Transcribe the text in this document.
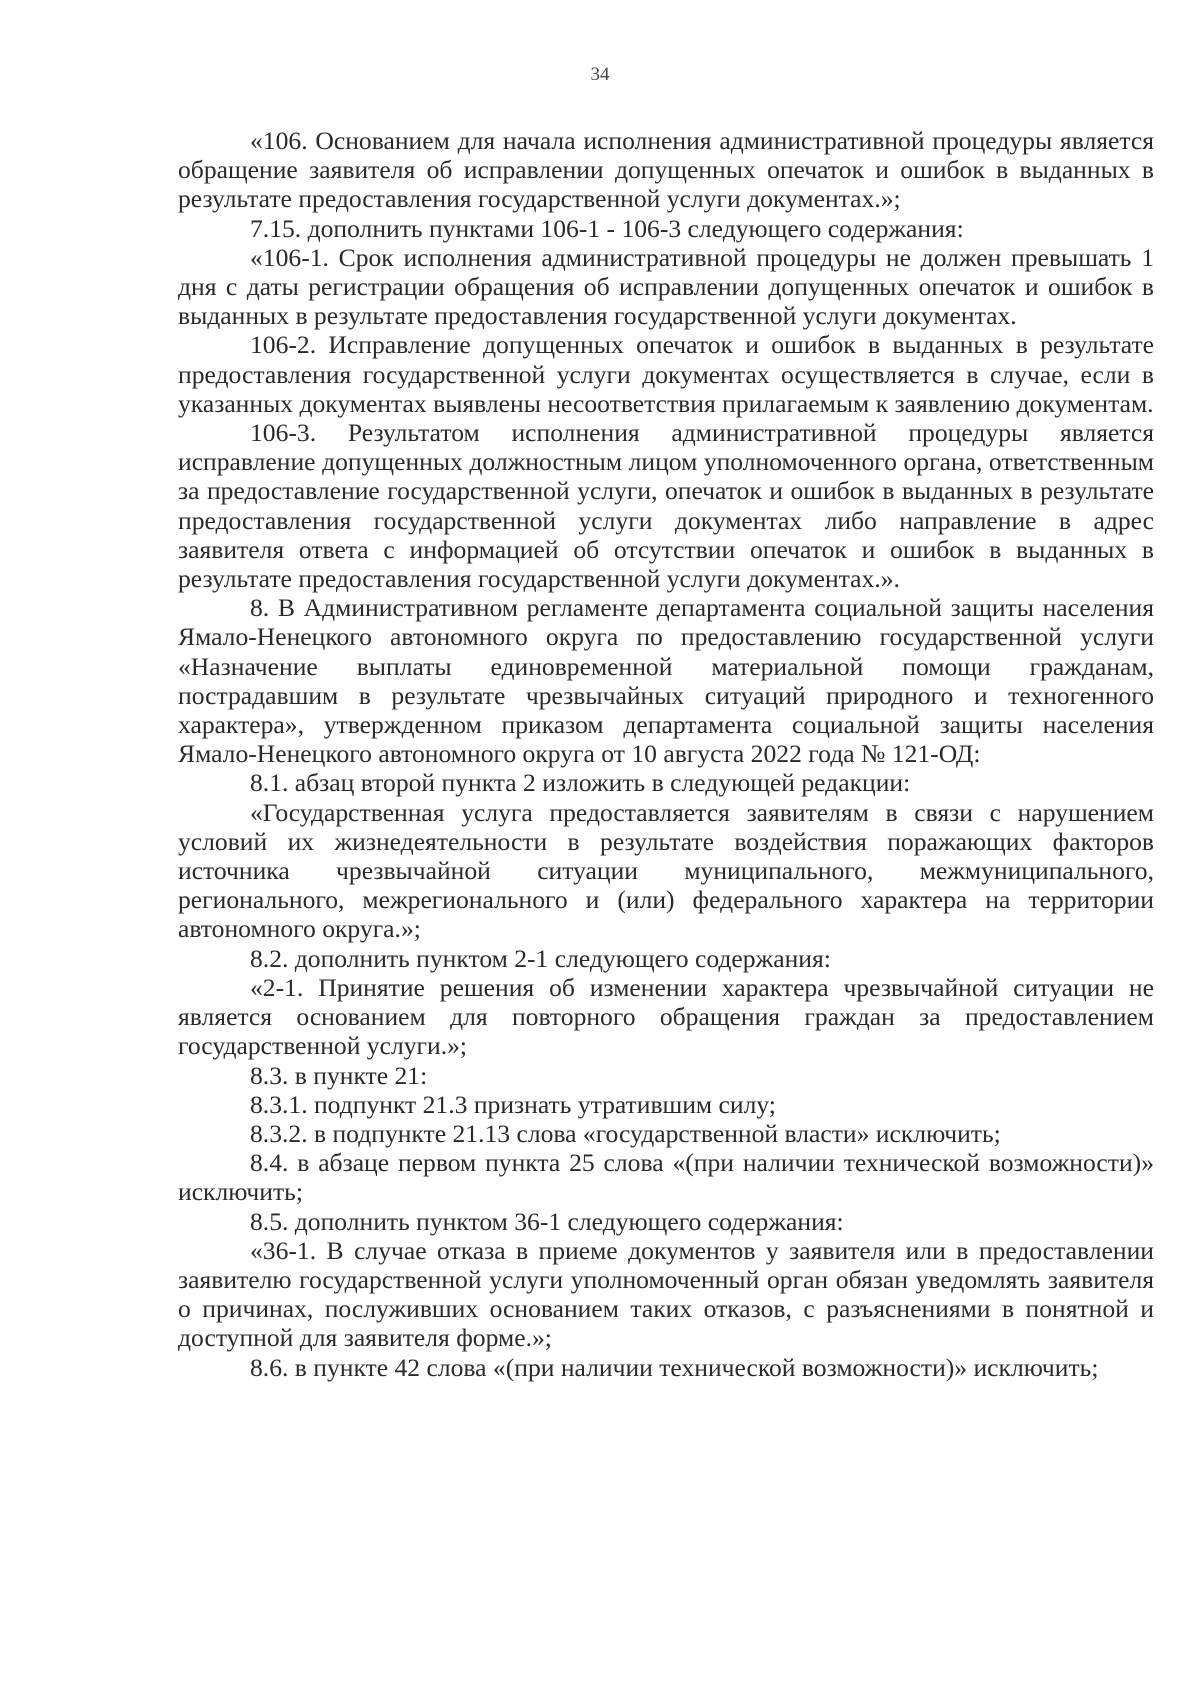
34

«106. Основанием для начала исполнения административной процедуры является обращение заявителя об исправлении допущенных опечаток и ошибок в выданных в результате предоставления государственной услуги документах.»;

7.15. дополнить пунктами 106-1 - 106-3 следующего содержания:

«106-1. Срок исполнения административной процедуры не должен превышать 1 дня с даты регистрации обращения об исправлении допущенных опечаток и ошибок в выданных в результате предоставления государственной услуги документах.

106-2. Исправление допущенных опечаток и ошибок в выданных в результате предоставления государственной услуги документах осуществляется в случае, если в указанных документах выявлены несоответствия прилагаемым к заявлению документам.

106-3. Результатом исполнения административной процедуры является исправление допущенных должностным лицом уполномоченного органа, ответственным за предоставление государственной услуги, опечаток и ошибок в выданных в результате предоставления государственной услуги документах либо направление в адрес заявителя ответа с информацией об отсутствии опечаток и ошибок в выданных в результате предоставления государственной услуги документах.».

8. В Административном регламенте департамента социальной защиты населения Ямало-Ненецкого автономного округа по предоставлению государственной услуги «Назначение выплаты единовременной материальной помощи гражданам, пострадавшим в результате чрезвычайных ситуаций природного и техногенного характера», утвержденном приказом департамента социальной защиты населения Ямало-Ненецкого автономного округа от 10 августа 2022 года № 121-ОД:

8.1. абзац второй пункта 2 изложить в следующей редакции:

«Государственная услуга предоставляется заявителям в связи с нарушением условий их жизнедеятельности в результате воздействия поражающих факторов источника чрезвычайной ситуации муниципального, межмуниципального, регионального, межрегионального и (или) федерального характера на территории автономного округа.»;

8.2. дополнить пунктом 2-1 следующего содержания:

«2-1. Принятие решения об изменении характера чрезвычайной ситуации не является основанием для повторного обращения граждан за предоставлением государственной услуги.»;

8.3. в пункте 21:

8.3.1. подпункт 21.3 признать утратившим силу;

8.3.2. в подпункте 21.13 слова «государственной власти» исключить;

8.4. в абзаце первом пункта 25 слова «(при наличии технической возможности)» исключить;

8.5. дополнить пунктом 36-1 следующего содержания:

«36-1. В случае отказа в приеме документов у заявителя или в предоставлении заявителю государственной услуги уполномоченный орган обязан уведомлять заявителя о причинах, послуживших основанием таких отказов, с разъяснениями в понятной и доступной для заявителя форме.»;

8.6. в пункте 42 слова «(при наличии технической возможности)» исключить;
